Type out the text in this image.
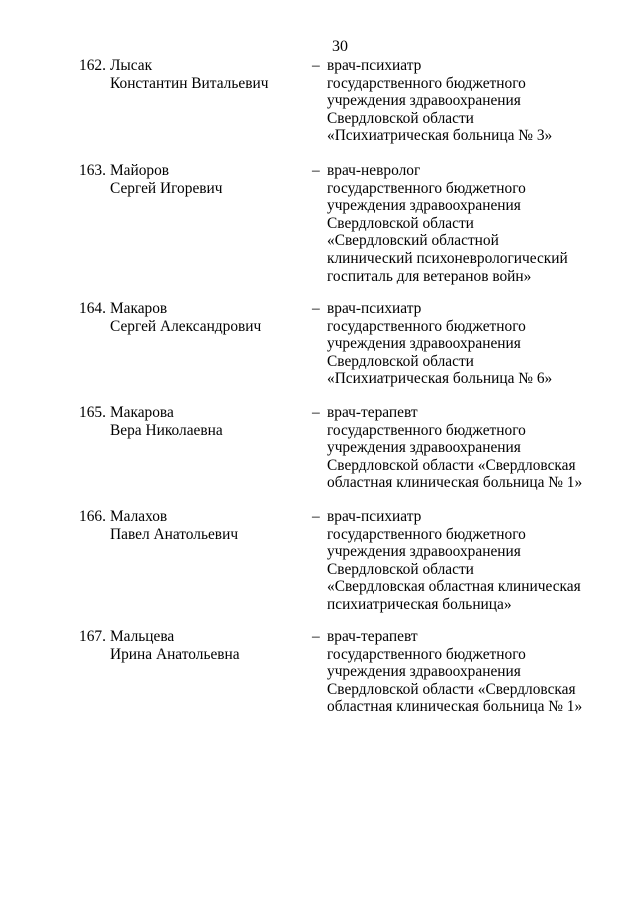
30
162. Лысак
Константин Витальевич
– врач-психиатр
государственного бюджетного
учреждения здравоохранения
Свердловской области
«Психиатрическая больница № 3»
163. Майоров
Сергей Игоревич
– врач-невролог
государственного бюджетного
учреждения здравоохранения
Свердловской области
«Свердловский областной
клинический психоневрологический
госпиталь для ветеранов войн»
164. Макаров
Сергей Александрович
– врач-психиатр
государственного бюджетного
учреждения здравоохранения
Свердловской области
«Психиатрическая больница № 6»
165. Макарова
Вера Николаевна
– врач-терапевт
государственного бюджетного
учреждения здравоохранения
Свердловской области «Свердловская
областная клиническая больница № 1»
166. Малахов
Павел Анатольевич
– врач-психиатр
государственного бюджетного
учреждения здравоохранения
Свердловской области
«Свердловская областная клиническая
психиатрическая больница»
167. Мальцева
Ирина Анатольевна
– врач-терапевт
государственного бюджетного
учреждения здравоохранения
Свердловской области «Свердловская
областная клиническая больница № 1»
